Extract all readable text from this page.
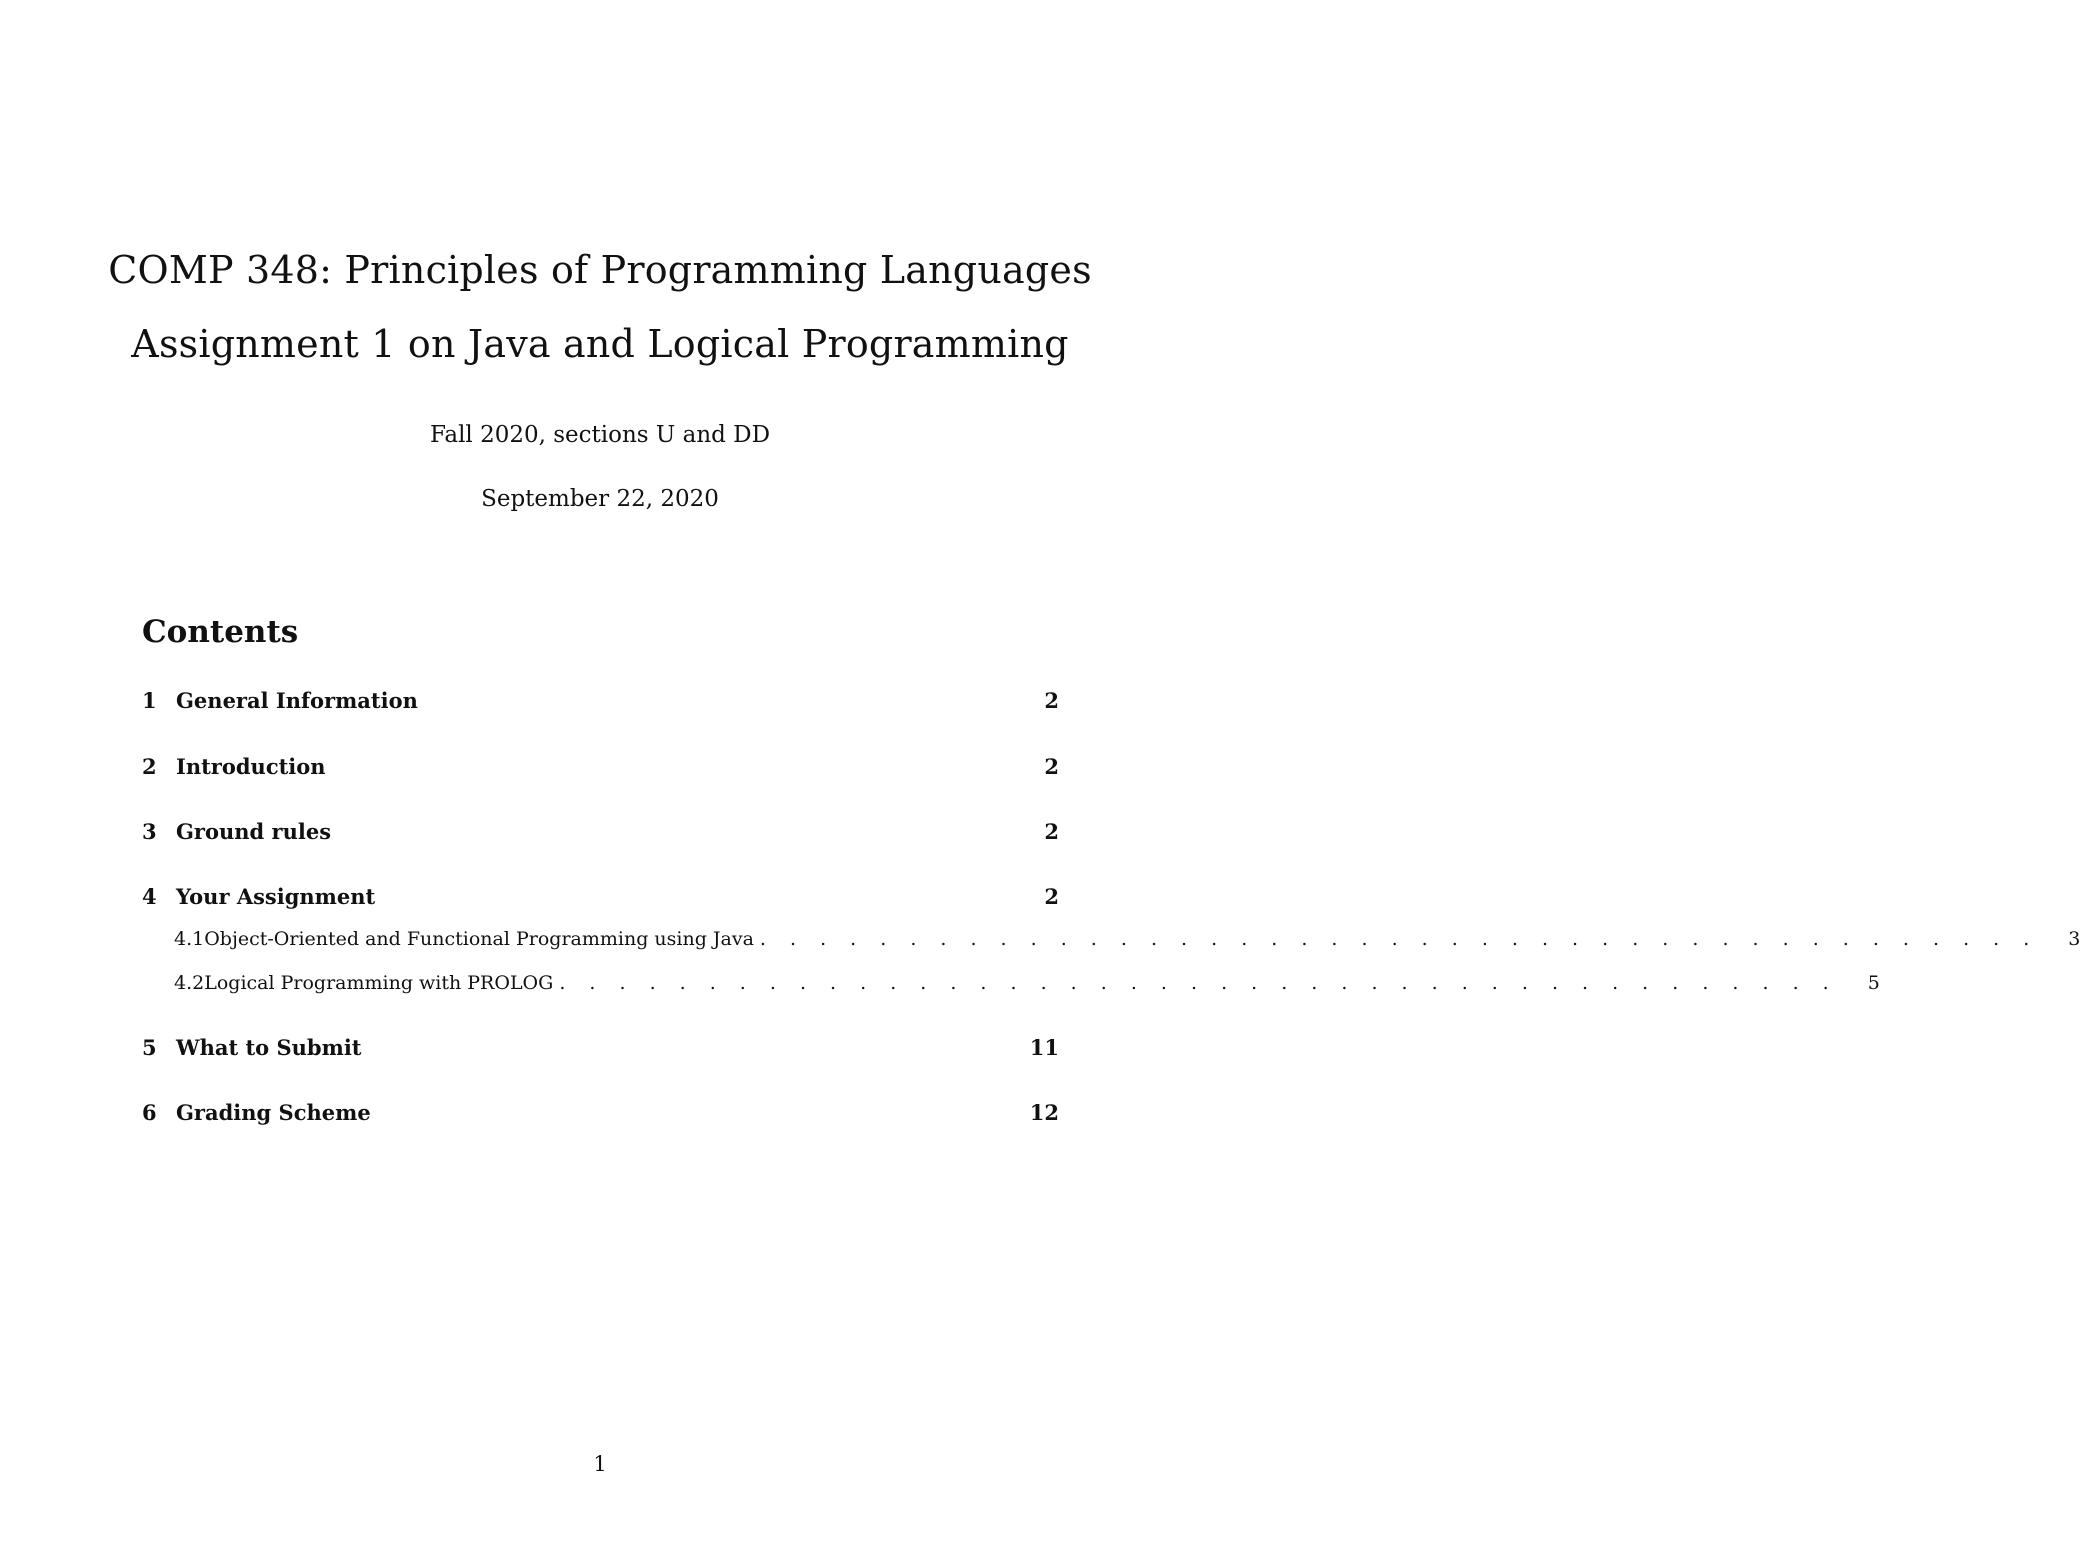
COMP 348: Principles of Programming Languages
Assignment 1 on Java and Logical Programming
Fall 2020, sections U and DD
September 22, 2020
Contents
1 General Information	2
2 Introduction	2
3 Ground rules	2
4 Your Assignment	2
4.1 Object-Oriented and Functional Programming using Java . . . . . . . . . . . . . . . . . . . . . . . . . . . . . . . . . . . . . . . . . . . 3
4.2 Logical Programming with PROLOG . . . . . . . . . . . . . . . . . . . . . . . . . . . . . . . . . . . . . . . . . . . 5
5 What to Submit	11
6 Grading Scheme	12
1
